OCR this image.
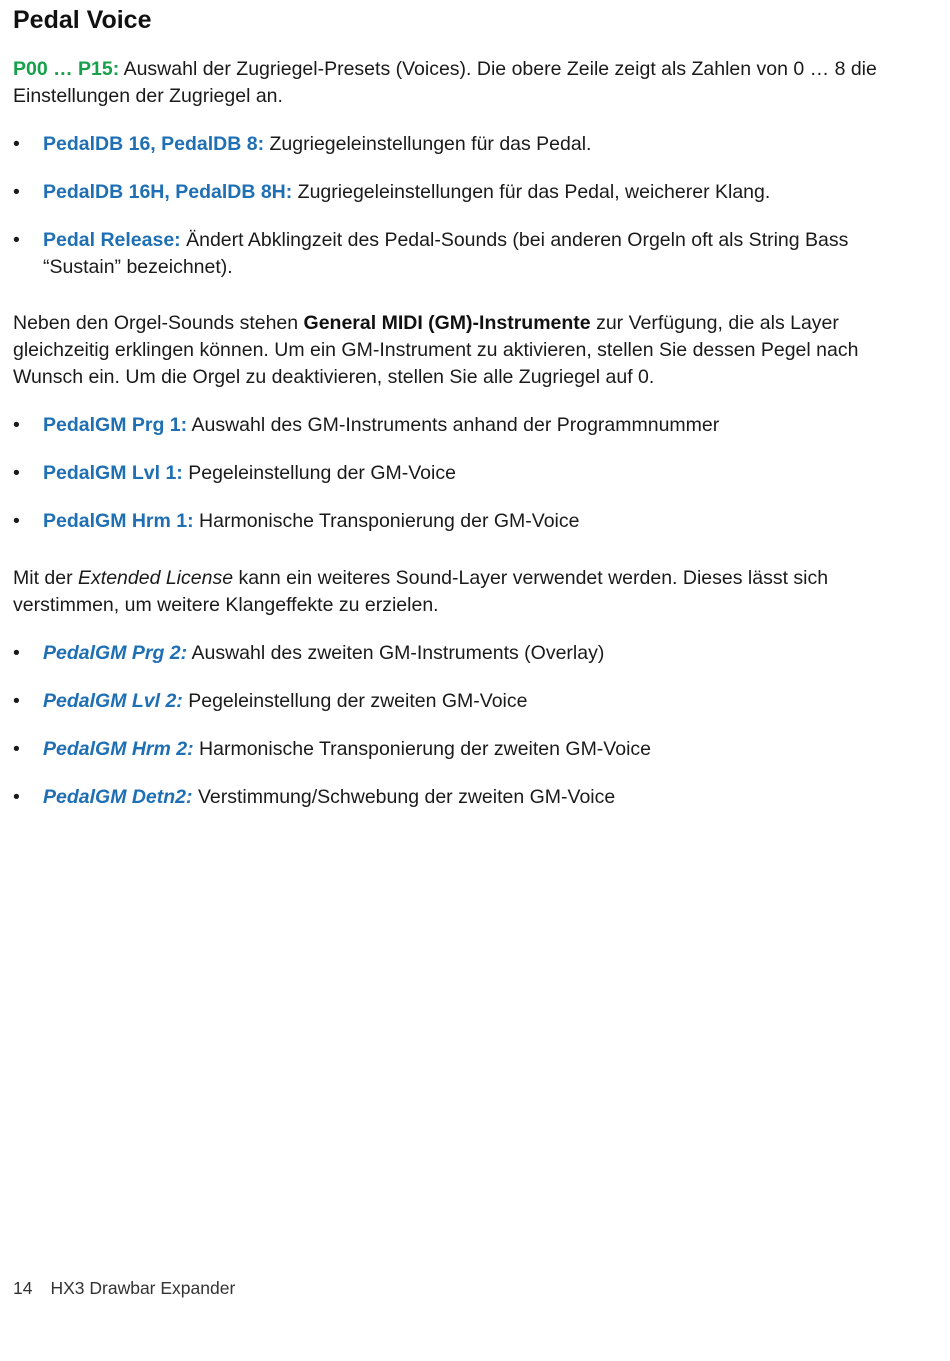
Pedal Voice

P00 … P15: Auswahl der Zugriegel-Presets (Voices). Die obere Zeile zeigt als Zahlen von 0 … 8 die Einstellungen der Zugriegel an.

•	PedalDB 16, PedalDB 8: Zugriegeleinstellungen für das Pedal.
•	PedalDB 16H, PedalDB 8H: Zugriegeleinstellungen für das Pedal, weicherer Klang.
•	Pedal Release: Ändert Abklingzeit des Pedal-Sounds (bei anderen Orgeln oft als String Bass “Sustain” bezeichnet).

Neben den Orgel-Sounds stehen General MIDI (GM)-Instrumente zur Verfügung, die als Layer gleichzeitig erklingen können. Um ein GM-Instrument zu aktivieren, stellen Sie dessen Pegel nach Wunsch ein. Um die Orgel zu deaktivieren, stellen Sie alle Zugriegel auf 0.

•	PedalGM Prg 1: Auswahl des GM-Instruments anhand der Programmnummer
•	PedalGM Lvl 1: Pegeleinstellung der GM-Voice
•	PedalGM Hrm 1: Harmonische Transponierung der GM-Voice

Mit der Extended License kann ein weiteres Sound-Layer verwendet werden. Dieses lässt sich verstimmen, um weitere Klangeffekte zu erzielen.

•	PedalGM Prg 2: Auswahl des zweiten GM-Instruments (Overlay)
•	PedalGM Lvl 2: Pegeleinstellung der zweiten GM-Voice
•	PedalGM Hrm 2: Harmonische Transponierung der zweiten GM-Voice
•	PedalGM Detn2: Verstimmung/Schwebung der zweiten GM-Voice
14 HX3 Drawbar Expander
